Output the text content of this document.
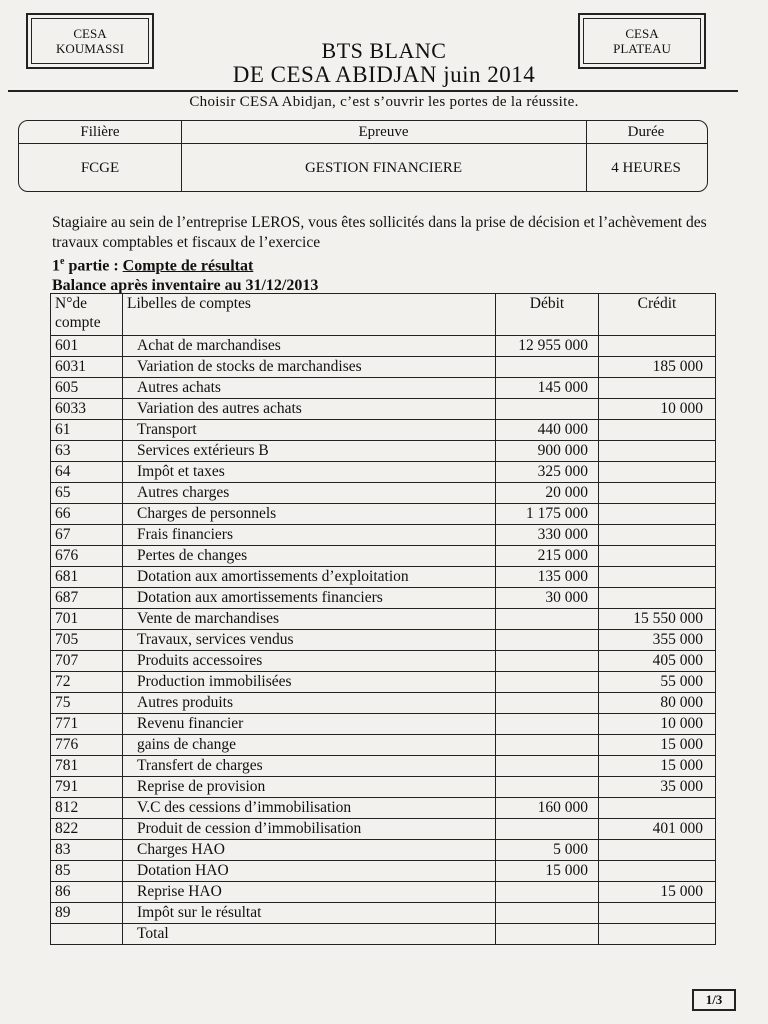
CESA
KOUMASSI
CESA
PLATEAU
BTS BLANC
DE CESA ABIDJAN juin 2014
Choisir CESA Abidjan, c’est s’ouvrir les portes de la réussite.
Filière	Epreuve	Durée
FCGE	GESTION FINANCIERE	4 HEURES
Stagiaire au sein de l’entreprise LEROS, vous êtes sollicités dans la prise de décision et l’achèvement des travaux comptables et fiscaux de l’exercice
1e partie : Compte de résultat
Balance après inventaire au 31/12/2013
N°de compte	Libelles de comptes	Débit	Crédit
601	Achat de marchandises	12 955 000	
6031	Variation de stocks de marchandises		185 000
605	Autres achats	145 000	
6033	Variation des autres achats		10 000
61	Transport	440 000	
63	Services extérieurs B	900 000	
64	Impôt et taxes	325 000	
65	Autres charges	20 000	
66	Charges de personnels	1 175 000	
67	Frais financiers	330 000	
676	Pertes de changes	215 000	
681	Dotation aux amortissements d’exploitation	135 000	
687	Dotation aux amortissements financiers	30 000	
701	Vente de marchandises		15 550 000
705	Travaux, services vendus		355 000
707	Produits accessoires		405 000
72	Production immobilisées		55 000
75	Autres produits		80 000
771	Revenu financier		10 000
776	gains de change		15 000
781	Transfert de charges		15 000
791	Reprise de provision		35 000
812	V.C des cessions d’immobilisation	160 000	
822	Produit de cession d’immobilisation		401 000
83	Charges HAO	5 000	
85	Dotation HAO	15 000	
86	Reprise HAO		15 000
89	Impôt sur le résultat		
	Total		
1/3
